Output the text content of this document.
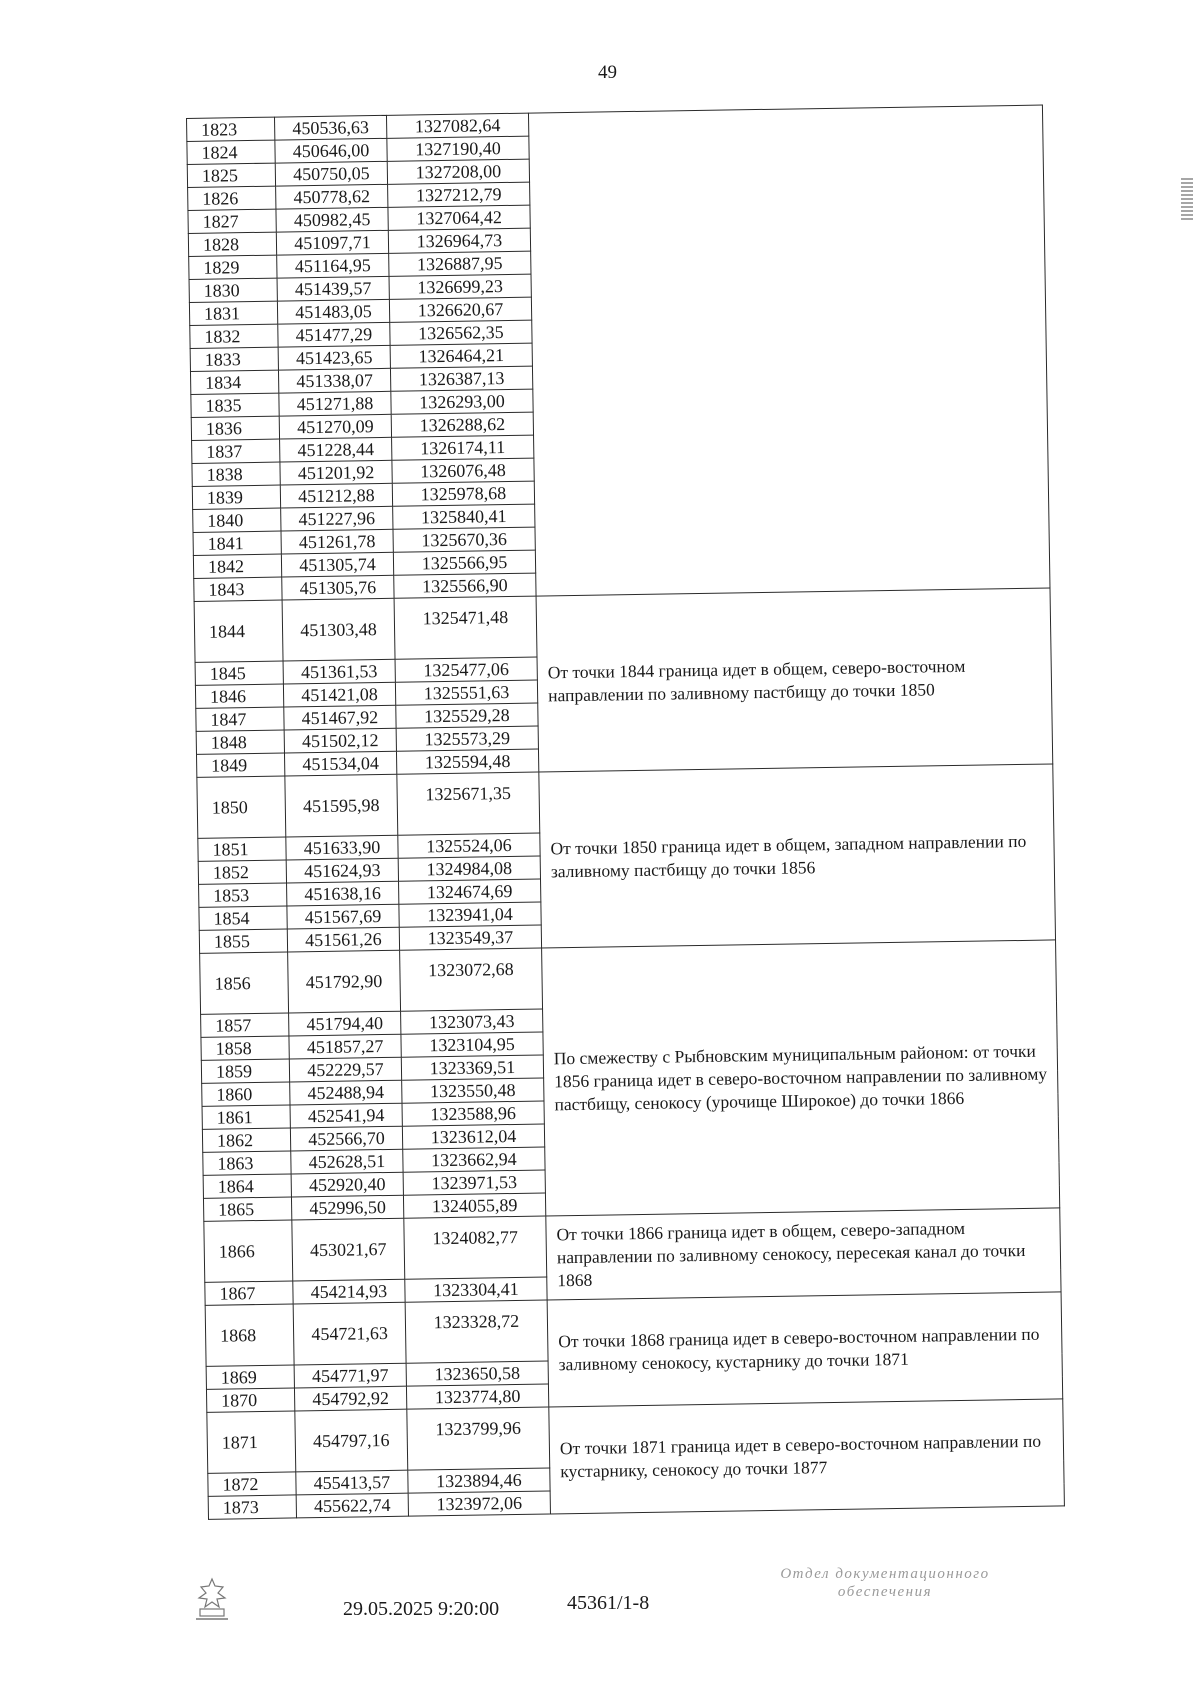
49
1823	450536,63	1327082,64	
1824	450646,00	1327190,40	
1825	450750,05	1327208,00	
1826	450778,62	1327212,79	
1827	450982,45	1327064,42	
1828	451097,71	1326964,73	
1829	451164,95	1326887,95	
1830	451439,57	1326699,23	
1831	451483,05	1326620,67	
1832	451477,29	1326562,35	
1833	451423,65	1326464,21	
1834	451338,07	1326387,13	
1835	451271,88	1326293,00	
1836	451270,09	1326288,62	
1837	451228,44	1326174,11	
1838	451201,92	1326076,48	
1839	451212,88	1325978,68	
1840	451227,96	1325840,41	
1841	451261,78	1325670,36	
1842	451305,74	1325566,95	
1843	451305,76	1325566,90	
1844	451303,48	1325471,48	От точки 1844 граница идет в общем, северо-восточном направлении по заливному пастбищу до точки 1850
1845	451361,53	1325477,06	
1846	451421,08	1325551,63	
1847	451467,92	1325529,28	
1848	451502,12	1325573,29	
1849	451534,04	1325594,48	
1850	451595,98	1325671,35	От точки 1850 граница идет в общем, западном направлении по заливному пастбищу до точки 1856
1851	451633,90	1325524,06	
1852	451624,93	1324984,08	
1853	451638,16	1324674,69	
1854	451567,69	1323941,04	
1855	451561,26	1323549,37	
1856	451792,90	1323072,68	По смежеству с Рыбновским муниципальным районом: от точки 1856 граница идет в северо-восточном направлении по заливному пастбищу, сенокосу (урочище Широкое) до точки 1866
1857	451794,40	1323073,43	
1858	451857,27	1323104,95	
1859	452229,57	1323369,51	
1860	452488,94	1323550,48	
1861	452541,94	1323588,96	
1862	452566,70	1323612,04	
1863	452628,51	1323662,94	
1864	452920,40	1323971,53	
1865	452996,50	1324055,89	
1866	453021,67	1324082,77	От точки 1866 граница идет в общем, северо-западном направлении по заливному сенокосу, пересекая канал до точки 1868
1867	454214,93	1323304,41	
1868	454721,63	1323328,72	От точки 1868 граница идет в северо-восточном направлении по заливному сенокосу, кустарнику до точки 1871
1869	454771,97	1323650,58	
1870	454792,92	1323774,80	
1871	454797,16	1323799,96	От точки 1871 граница идет в северо-восточном направлении по кустарнику, сенокосу до точки 1877
1872	455413,57	1323894,46	
1873	455622,74	1323972,06	
29.05.2025 9:20:00	45361/1-8
Отдел документационного
обеспечения
